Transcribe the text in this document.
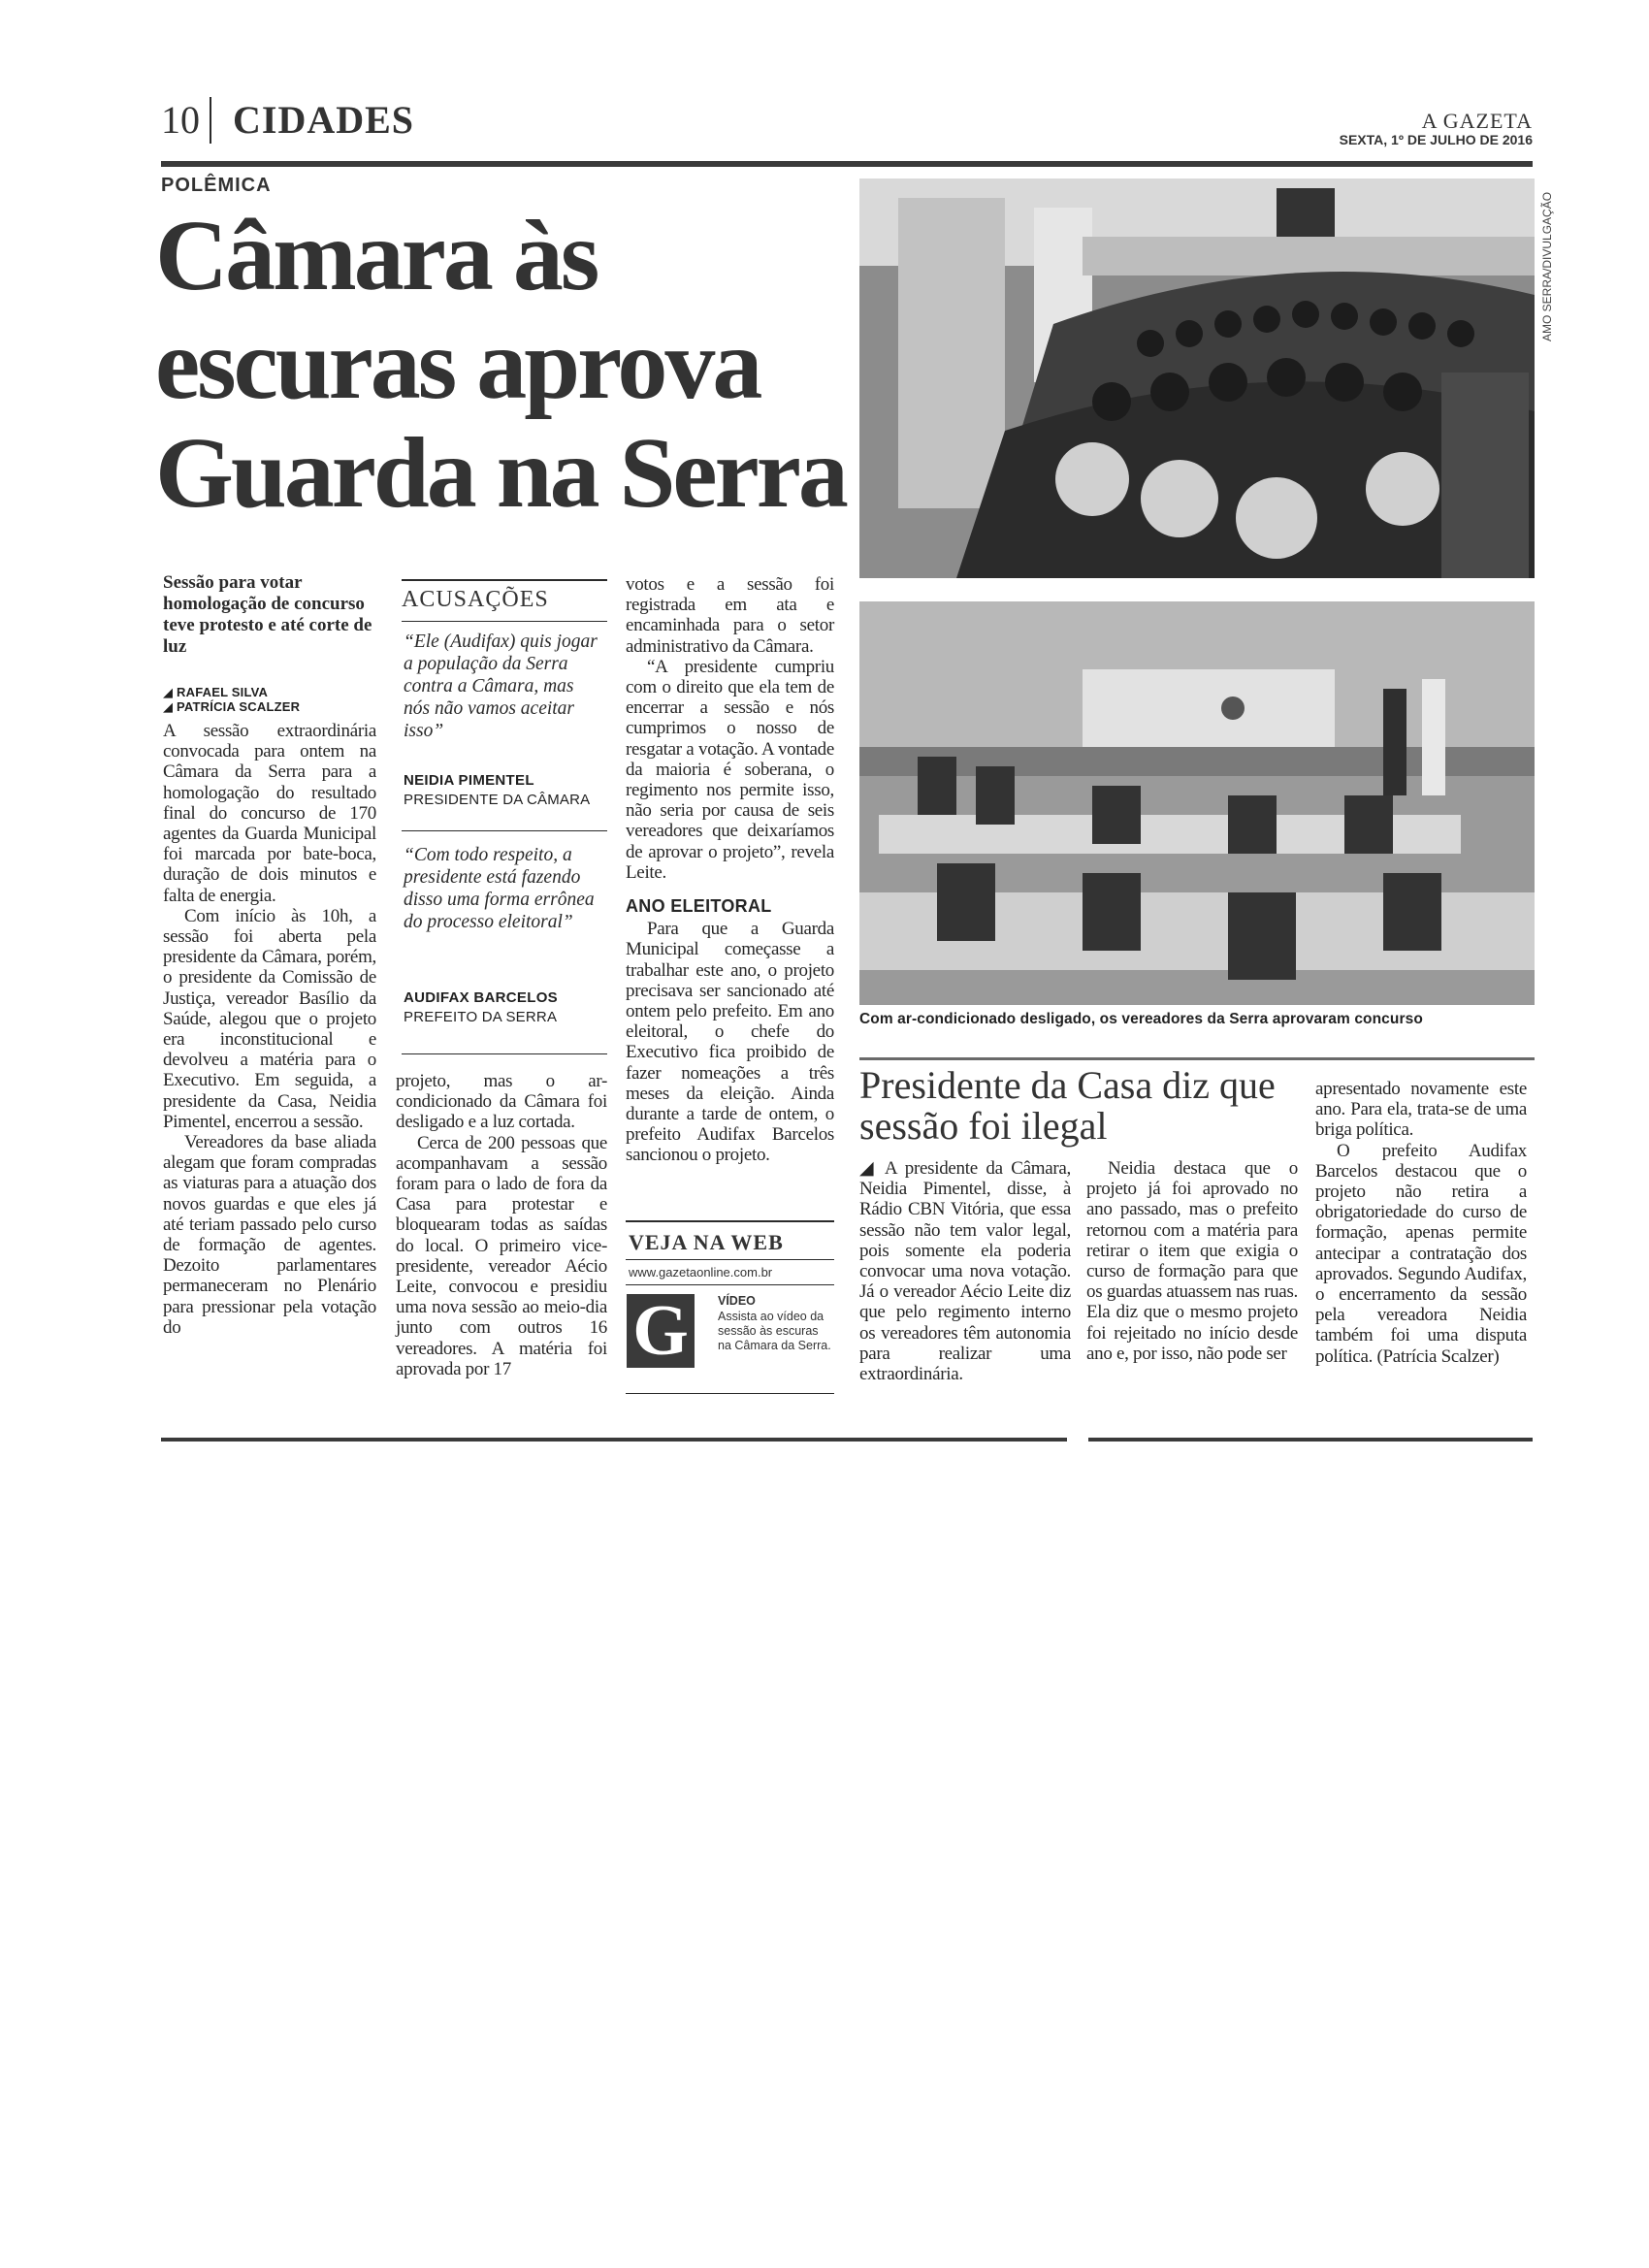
10 CIDADES	A GAZETA
SEXTA, 1º DE JULHO DE 2016
POLÊMICA
Câmara às
escuras aprova
Guarda na Serra
AMO SERRA/DIVULGAÇÃO
Com ar-condicionado desligado, os vereadores da Serra aprovaram concurso
Sessão para votar homologação de concurso teve protesto e até corte de luz
◢ RAFAEL SILVA
◢ PATRÍCIA SCALZER

A sessão extraordinária convocada para ontem na Câmara da Serra para a homologação do resultado final do concurso de 170 agentes da Guarda Municipal foi marcada por bate-boca, duração de dois minutos e falta de energia.

Com início às 10h, a sessão foi aberta pela presidente da Câmara, porém, o presidente da Comissão de Justiça, vereador Basílio da Saúde, alegou que o projeto era inconstitucional e devolveu a matéria para o Executivo. Em seguida, a presidente da Casa, Neidia Pimentel, encerrou a sessão.

Vereadores da base aliada alegam que foram compradas as viaturas para a atuação dos novos guardas e que eles já até teriam passado pelo curso de formação de agentes. Dezoito parlamentares permaneceram no Plenário para pressionar pela votação do

ACUSAÇÕES
“Ele (Audifax) quis jogar a população da Serra contra a Câmara, mas nós não vamos aceitar isso”
NEIDIA PIMENTEL
PRESIDENTE DA CÂMARA
“Com todo respeito, a presidente está fazendo disso uma forma errônea do processo eleitoral”
AUDIFAX BARCELOS
PREFEITO DA SERRA

projeto, mas o ar-condicionado da Câmara foi desligado e a luz cortada.

Cerca de 200 pessoas que acompanhavam a sessão foram para o lado de fora da Casa para protestar e bloquearam todas as saídas do local. O primeiro vice-presidente, vereador Aécio Leite, convocou e presidiu uma nova sessão ao meio-dia junto com outros 16 vereadores. A matéria foi aprovada por 17

votos e a sessão foi registrada em ata e encaminhada para o setor administrativo da Câmara.

“A presidente cumpriu com o direito que ela tem de encerrar a sessão e nós cumprimos o nosso de resgatar a votação. A vontade da maioria é soberana, o regimento nos permite isso, não seria por causa de seis vereadores que deixaríamos de aprovar o projeto”, revela Leite.

ANO ELEITORAL

Para que a Guarda Municipal começasse a trabalhar este ano, o projeto precisava ser sancionado até ontem pelo prefeito. Em ano eleitoral, o chefe do Executivo fica proibido de fazer nomeações a três meses da eleição. Ainda durante a tarde de ontem, o prefeito Audifax Barcelos sancionou o projeto.

VEJA NA WEB
www.gazetaonline.com.br
G	VÍDEO
Assista ao vídeo da sessão às escuras na Câmara da Serra.
Presidente da Casa diz que sessão foi ilegal

◢ A presidente da Câmara, Neidia Pimentel, disse, à Rádio CBN Vitória, que essa sessão não tem valor legal, pois somente ela poderia convocar uma nova votação. Já o vereador Aécio Leite diz que pelo regimento interno os vereadores têm autonomia para realizar uma extraordinária.

Neidia destaca que o projeto já foi aprovado no ano passado, mas o prefeito retornou com a matéria para retirar o item que exigia o curso de formação para que os guardas atuassem nas ruas. Ela diz que o mesmo projeto foi rejeitado no início desde ano e, por isso, não pode ser

apresentado novamente este ano. Para ela, trata-se de uma briga política.

O prefeito Audifax Barcelos destacou que o projeto não retira a obrigatoriedade do curso de formação, apenas permite antecipar a contratação dos aprovados. Segundo Audifax, o encerramento da sessão pela vereadora Neidia também foi uma disputa política. (Patrícia Scalzer)
